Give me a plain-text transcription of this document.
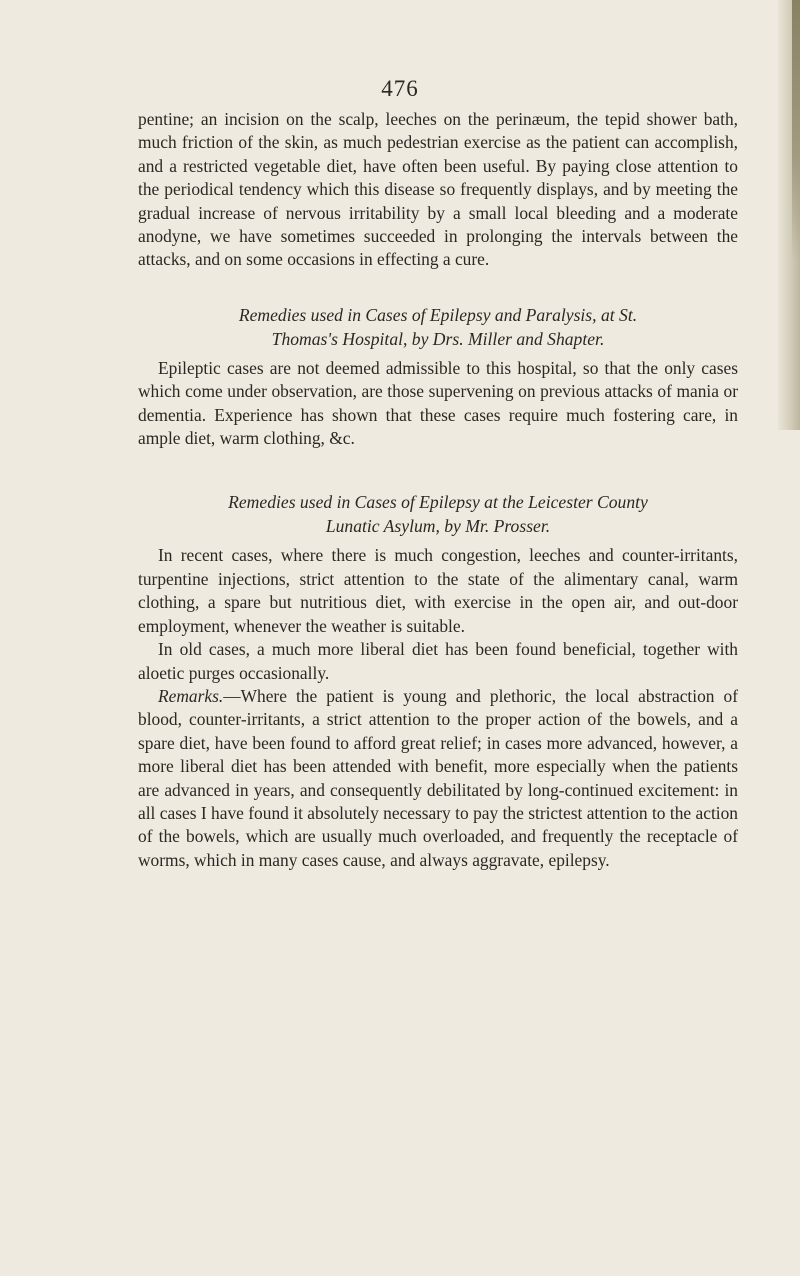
476

pentine; an incision on the scalp, leeches on the perinæum, the tepid shower bath, much friction of the skin, as much pedestrian exercise as the patient can accomplish, and a restricted vegetable diet, have often been useful. By paying close attention to the periodical tendency which this disease so frequently displays, and by meeting the gradual increase of nervous irritability by a small local bleeding and a moderate anodyne, we have sometimes succeeded in prolonging the intervals between the attacks, and on some occasions in effecting a cure.

Remedies used in Cases of Epilepsy and Paralysis, at St.
Thomas's Hospital, by Drs. Miller and Shapter.

Epileptic cases are not deemed admissible to this hospital, so that the only cases which come under observation, are those supervening on previous attacks of mania or dementia. Experience has shown that these cases require much fostering care, in ample diet, warm clothing, &c.

Remedies used in Cases of Epilepsy at the Leicester County
Lunatic Asylum, by Mr. Prosser.

In recent cases, where there is much congestion, leeches and counter-irritants, turpentine injections, strict attention to the state of the alimentary canal, warm clothing, a spare but nutritious diet, with exercise in the open air, and out-door employment, whenever the weather is suitable.

In old cases, a much more liberal diet has been found beneficial, together with aloetic purges occasionally.

Remarks.—Where the patient is young and plethoric, the local abstraction of blood, counter-irritants, a strict attention to the proper action of the bowels, and a spare diet, have been found to afford great relief; in cases more advanced, however, a more liberal diet has been attended with benefit, more especially when the patients are advanced in years, and consequently debilitated by long-continued excitement: in all cases I have found it absolutely necessary to pay the strictest attention to the action of the bowels, which are usually much overloaded, and frequently the receptacle of worms, which in many cases cause, and always aggravate, epilepsy.
